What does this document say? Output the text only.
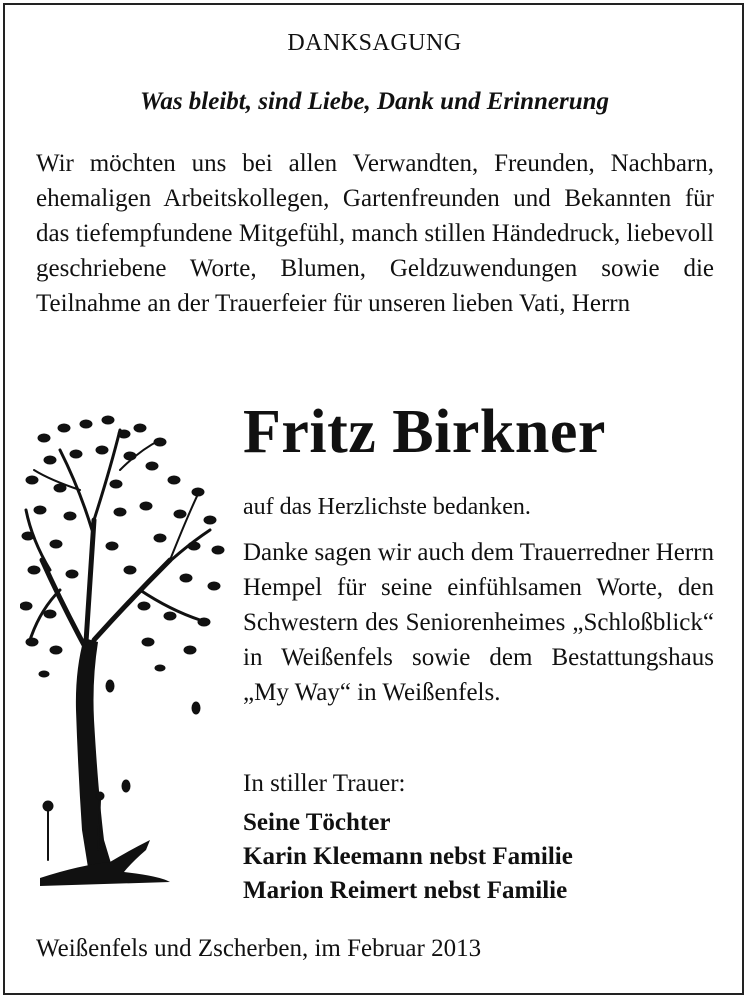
DANKSAGUNG
Was bleibt, sind Liebe, Dank und Erinnerung

Wir möchten uns bei allen Verwandten, Freunden, Nachbarn, ehemaligen Arbeitskollegen, Gartenfreunden und Bekannten für das tiefempfundene Mitgefühl, manch stillen Händedruck, liebevoll geschriebene Worte, Blumen, Geldzuwendungen sowie die Teilnahme an der Trauerfeier für unseren lieben Vati, Herrn

Fritz Birkner
auf das Herzlichste bedanken.

Danke sagen wir auch dem Trauerredner Herrn Hempel für seine einfühlsamen Worte, den Schwestern des Seniorenheimes „Schloßblick“ in Weißenfels sowie dem Bestattungshaus „My Way“ in Weißenfels.

In stiller Trauer:
Seine Töchter
Karin Kleemann nebst Familie
Marion Reimert nebst Familie
Weißenfels und Zscherben, im Februar 2013
